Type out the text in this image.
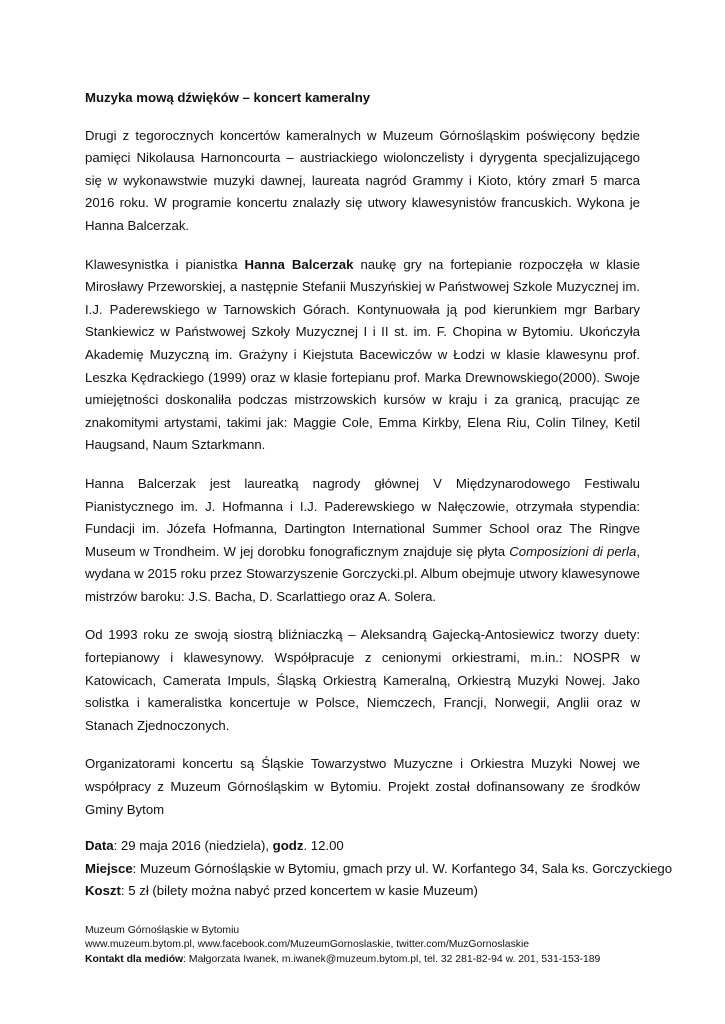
Muzyka mową dźwięków – koncert kameralny

Drugi z tegorocznych koncertów kameralnych w Muzeum Górnośląskim poświęcony będzie pamięci Nikolausa Harnoncourta – austriackiego wiolonczelisty i dyrygenta specjalizującego się w wykonawstwie muzyki dawnej, laureata nagród Grammy i Kioto, który zmarł 5 marca 2016 roku. W programie koncertu znalazły się utwory klawesynistów francuskich. Wykona je Hanna Balcerzak.

Klawesynistka i pianistka Hanna Balcerzak naukę gry na fortepianie rozpoczęła w klasie Mirosławy Przeworskiej, a następnie Stefanii Muszyńskiej w Państwowej Szkole Muzycznej im. I.J. Paderewskiego w Tarnowskich Górach. Kontynuowała ją pod kierunkiem mgr Barbary Stankiewicz w Państwowej Szkoły Muzycznej I i II st. im. F. Chopina w Bytomiu. Ukończyła Akademię Muzyczną im. Grażyny i Kiejstuta Bacewiczów w Łodzi w klasie klawesynu prof. Leszka Kędrackiego (1999) oraz w klasie fortepianu prof. Marka Drewnowskiego(2000). Swoje umiejętności doskonaliła podczas mistrzowskich kursów w kraju i za granicą, pracując ze znakomitymi artystami, takimi jak: Maggie Cole, Emma Kirkby, Elena Riu, Colin Tilney, Ketil Haugsand, Naum Sztarkmann.

Hanna Balcerzak jest laureatką nagrody głównej V Międzynarodowego Festiwalu Pianistycznego im. J. Hofmanna i I.J. Paderewskiego w Nałęczowie, otrzymała stypendia: Fundacji im. Józefa Hofmanna, Dartington International Summer School oraz The Ringve Museum w Trondheim. W jej dorobku fonograficznym znajduje się płyta Composizioni di perla, wydana w 2015 roku przez Stowarzyszenie Gorczycki.pl. Album obejmuje utwory klawesynowe mistrzów baroku: J.S. Bacha, D. Scarlattiego oraz A. Solera.

Od 1993 roku ze swoją siostrą bliźniaczką – Aleksandrą Gajecką-Antosiewicz tworzy duety: fortepianowy i klawesynowy. Współpracuje z cenionymi orkiestrami, m.in.: NOSPR w Katowicach, Camerata Impuls, Śląską Orkiestrą Kameralną, Orkiestrą Muzyki Nowej. Jako solistka i kameralistka koncertuje w Polsce, Niemczech, Francji, Norwegii, Anglii oraz w Stanach Zjednoczonych.

Organizatorami koncertu są Śląskie Towarzystwo Muzyczne i Orkiestra Muzyki Nowej we współpracy z Muzeum Górnośląskim w Bytomiu. Projekt został dofinansowany ze środków Gminy Bytom

Data: 29 maja 2016 (niedziela), godz. 12.00
Miejsce: Muzeum Górnośląskie w Bytomiu, gmach przy ul. W. Korfantego 34, Sala ks. Gorczyckiego
Koszt: 5 zł (bilety można nabyć przed koncertem w kasie Muzeum)
Muzeum Górnośląskie w Bytomiu
www.muzeum.bytom.pl, www.facebook.com/MuzeumGornoslaskie, twitter.com/MuzGornoslaskie
Kontakt dla mediów: Małgorzata Iwanek, m.iwanek@muzeum.bytom.pl, tel. 32 281-82-94 w. 201, 531-153-189
